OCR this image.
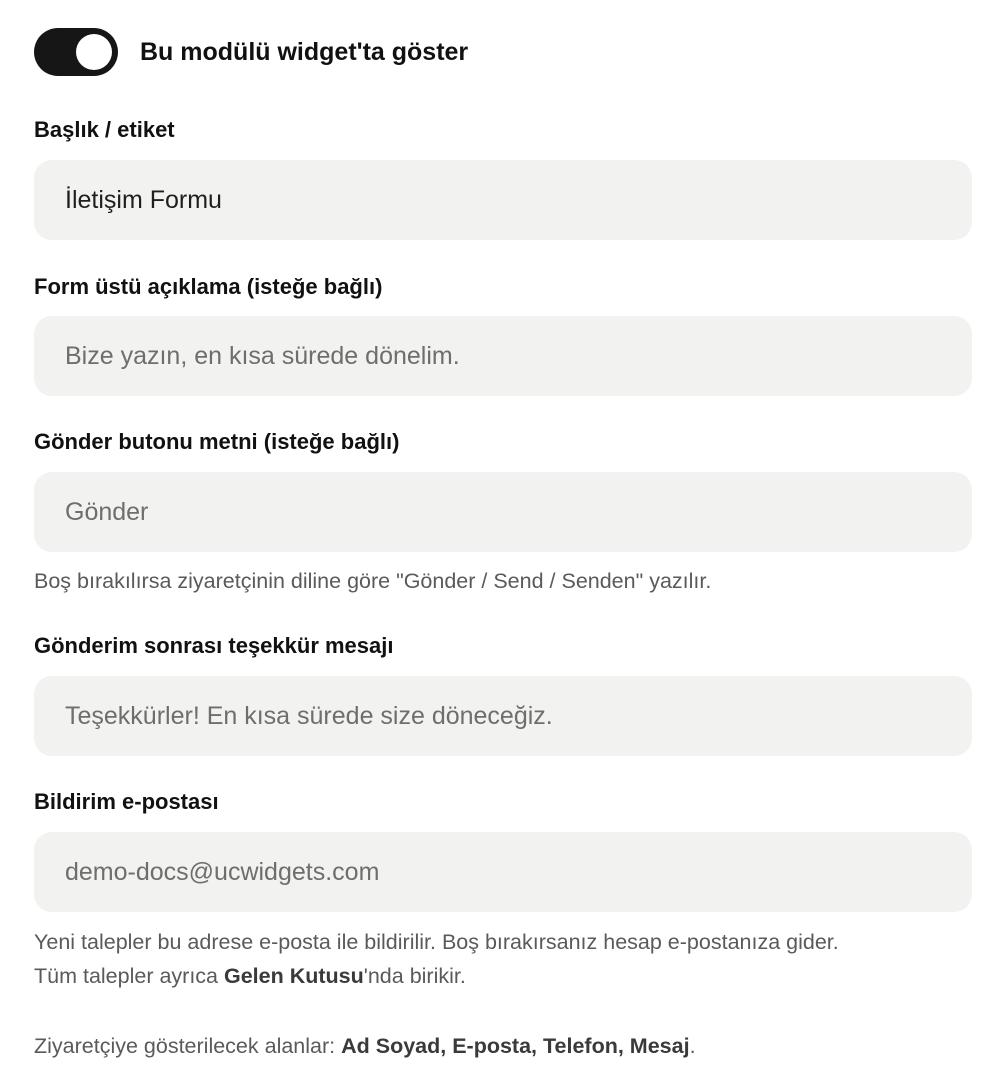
Bu modülü widget'ta göster
Başlık / etiket
İletişim Formu
Form üstü açıklama (isteğe bağlı)
Bize yazın, en kısa sürede dönelim.
Gönder butonu metni (isteğe bağlı)
Gönder
Boş bırakılırsa ziyaretçinin diline göre "Gönder / Send / Senden" yazılır.
Gönderim sonrası teşekkür mesajı
Teşekkürler! En kısa sürede size döneceğiz.
Bildirim e-postası
demo-docs@ucwidgets.com
Yeni talepler bu adrese e-posta ile bildirilir. Boş bırakırsanız hesap e-postanıza gider.
Tüm talepler ayrıca Gelen Kutusu'nda birikir.
Ziyaretçiye gösterilecek alanlar: Ad Soyad, E-posta, Telefon, Mesaj.
